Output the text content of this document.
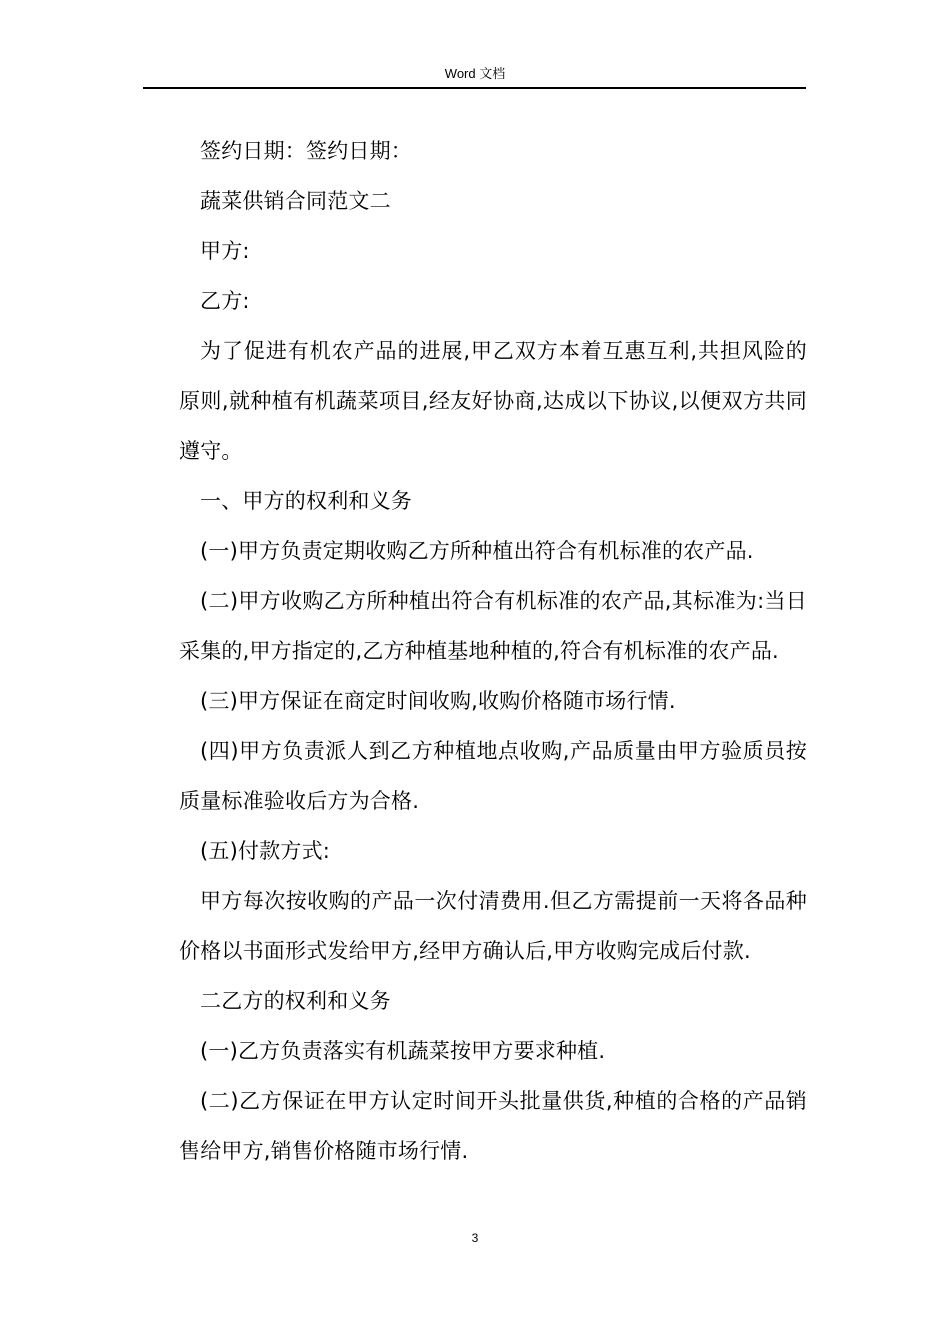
Word 文档

签约日期：签约日期：

蔬菜供销合同范文二

甲方:

乙方:

为了促进有机农产品的进展,甲乙双方本着互惠互利,共担风险的原则,就种植有机蔬菜项目,经友好协商,达成以下协议,以便双方共同遵守。

一、甲方的权利和义务

(一)甲方负责定期收购乙方所种植出符合有机标准的农产品.

(二)甲方收购乙方所种植出符合有机标准的农产品,其标准为:当日采集的,甲方指定的,乙方种植基地种植的,符合有机标准的农产品.

(三)甲方保证在商定时间收购,收购价格随市场行情.

(四)甲方负责派人到乙方种植地点收购,产品质量由甲方验质员按质量标准验收后方为合格.

(五)付款方式:

甲方每次按收购的产品一次付清费用.但乙方需提前一天将各品种价格以书面形式发给甲方,经甲方确认后,甲方收购完成后付款.

二乙方的权利和义务

(一)乙方负责落实有机蔬菜按甲方要求种植.

(二)乙方保证在甲方认定时间开头批量供货,种植的合格的产品销售给甲方,销售价格随市场行情.

3
